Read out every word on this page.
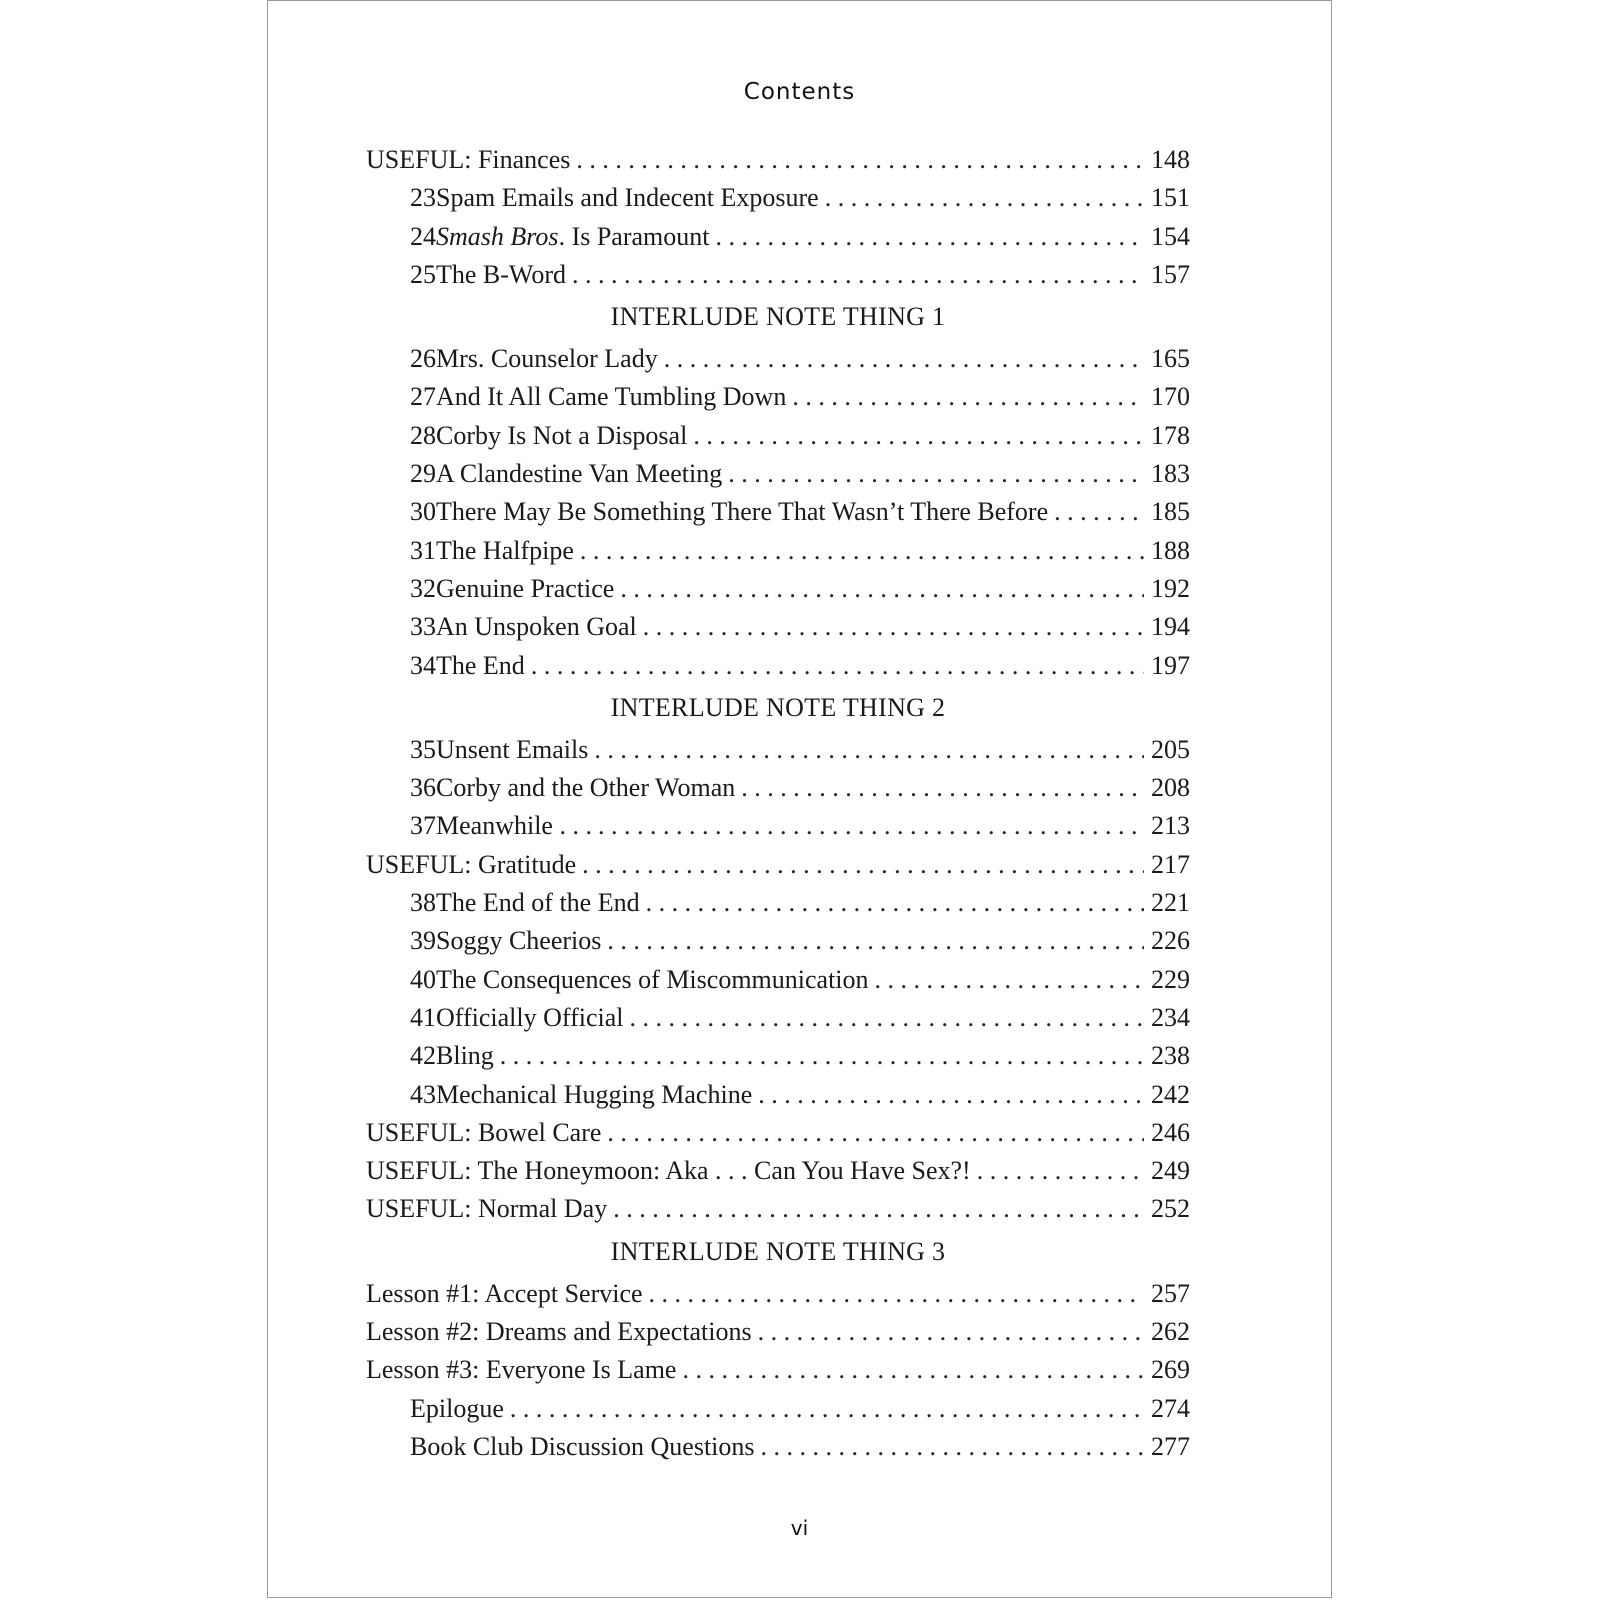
Contents
USEFUL: Finances . . .	148
23 Spam Emails and Indecent Exposure . . .	151
24 Smash Bros. Is Paramount . . .	154
25 The B-Word . . .	157
INTERLUDE NOTE THING 1
26 Mrs. Counselor Lady . . .	165
27 And It All Came Tumbling Down . . .	170
28 Corby Is Not a Disposal . . .	178
29 A Clandestine Van Meeting . . .	183
30 There May Be Something There That Wasn’t There Before . . .	185
31 The Halfpipe . . .	188
32 Genuine Practice . . .	192
33 An Unspoken Goal . . .	194
34 The End . . .	197
INTERLUDE NOTE THING 2
35 Unsent Emails . . .	205
36 Corby and the Other Woman . . .	208
37 Meanwhile . . . . . .	213
USEFUL: Gratitude . . .	217
38 The End of the End . . .	221
39 Soggy Cheerios . . .	226
40 The Consequences of Miscommunication . . .	229
41 Officially Official . . .	234
42 Bling . . .	238
43 Mechanical Hugging Machine . . .	242
USEFUL: Bowel Care . . .	246
USEFUL: The Honeymoon: Aka . . . Can You Have Sex?! . . .	249
USEFUL: Normal Day . . .	252
INTERLUDE NOTE THING 3
Lesson #1: Accept Service . . .	257
Lesson #2: Dreams and Expectations . . .	262
Lesson #3: Everyone Is Lame . . .	269
Epilogue . . .	274
Book Club Discussion Questions . . .	277
vi
